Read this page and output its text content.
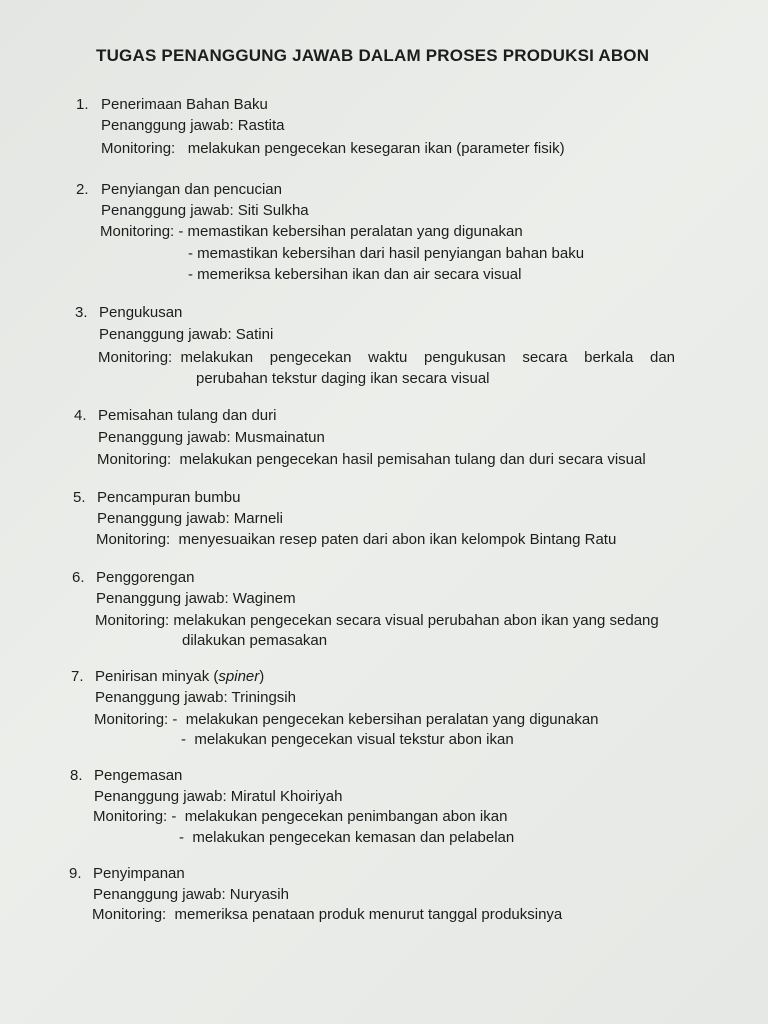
TUGAS PENANGGUNG JAWAB DALAM PROSES PRODUKSI ABON
1. Penerimaan Bahan Baku
Penanggung jawab: Rastita
Monitoring:   melakukan pengecekan kesegaran ikan (parameter fisik)
2. Penyiangan dan pencucian
Penanggung jawab: Siti Sulkha
Monitoring: - memastikan kebersihan peralatan yang digunakan
- memastikan kebersihan dari hasil penyiangan bahan baku
- memeriksa kebersihan ikan dan air secara visual
3. Pengukusan
Penanggung jawab: Satini
Monitoring:  melakukan    pengecekan    waktu    pengukusan    secara    berkala    dan
perubahan tekstur daging ikan secara visual
4. Pemisahan tulang dan duri
Penanggung jawab: Musmainatun
Monitoring:  melakukan pengecekan hasil pemisahan tulang dan duri secara visual
5. Pencampuran bumbu
Penanggung jawab: Marneli
Monitoring:  menyesuaikan resep paten dari abon ikan kelompok Bintang Ratu
6. Penggorengan
Penanggung jawab: Waginem
Monitoring: melakukan pengecekan secara visual perubahan abon ikan yang sedang
dilakukan pemasakan
7. Penirisan minyak (spiner)
Penanggung jawab: Triningsih
Monitoring: -  melakukan pengecekan kebersihan peralatan yang digunakan
-  melakukan pengecekan visual tekstur abon ikan
8. Pengemasan
Penanggung jawab: Miratul Khoiriyah
Monitoring: -  melakukan pengecekan penimbangan abon ikan
-  melakukan pengecekan kemasan dan pelabelan
9. Penyimpanan
Penanggung jawab: Nuryasih
Monitoring:  memeriksa penataan produk menurut tanggal produksinya
